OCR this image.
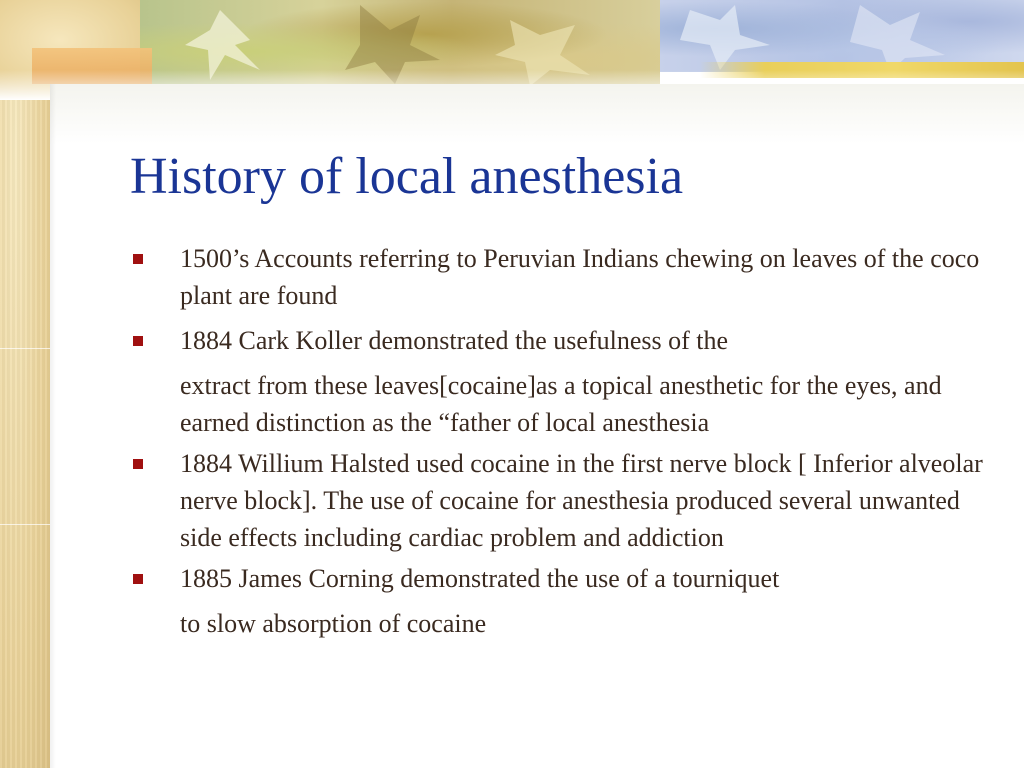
History of local anesthesia
1500’s Accounts referring to Peruvian Indians chewing on leaves of the coco plant are found
1884 Cark Koller demonstrated the usefulness of the
extract from these leaves[cocaine]as a topical anesthetic for the eyes, and earned distinction as the “father of local anesthesia
1884 Willium Halsted used cocaine in the first nerve block [ Inferior alveolar nerve block]. The use of cocaine for anesthesia produced several unwanted side effects including cardiac problem and addiction
1885 James Corning demonstrated the use of a tourniquet
to slow absorption of cocaine
